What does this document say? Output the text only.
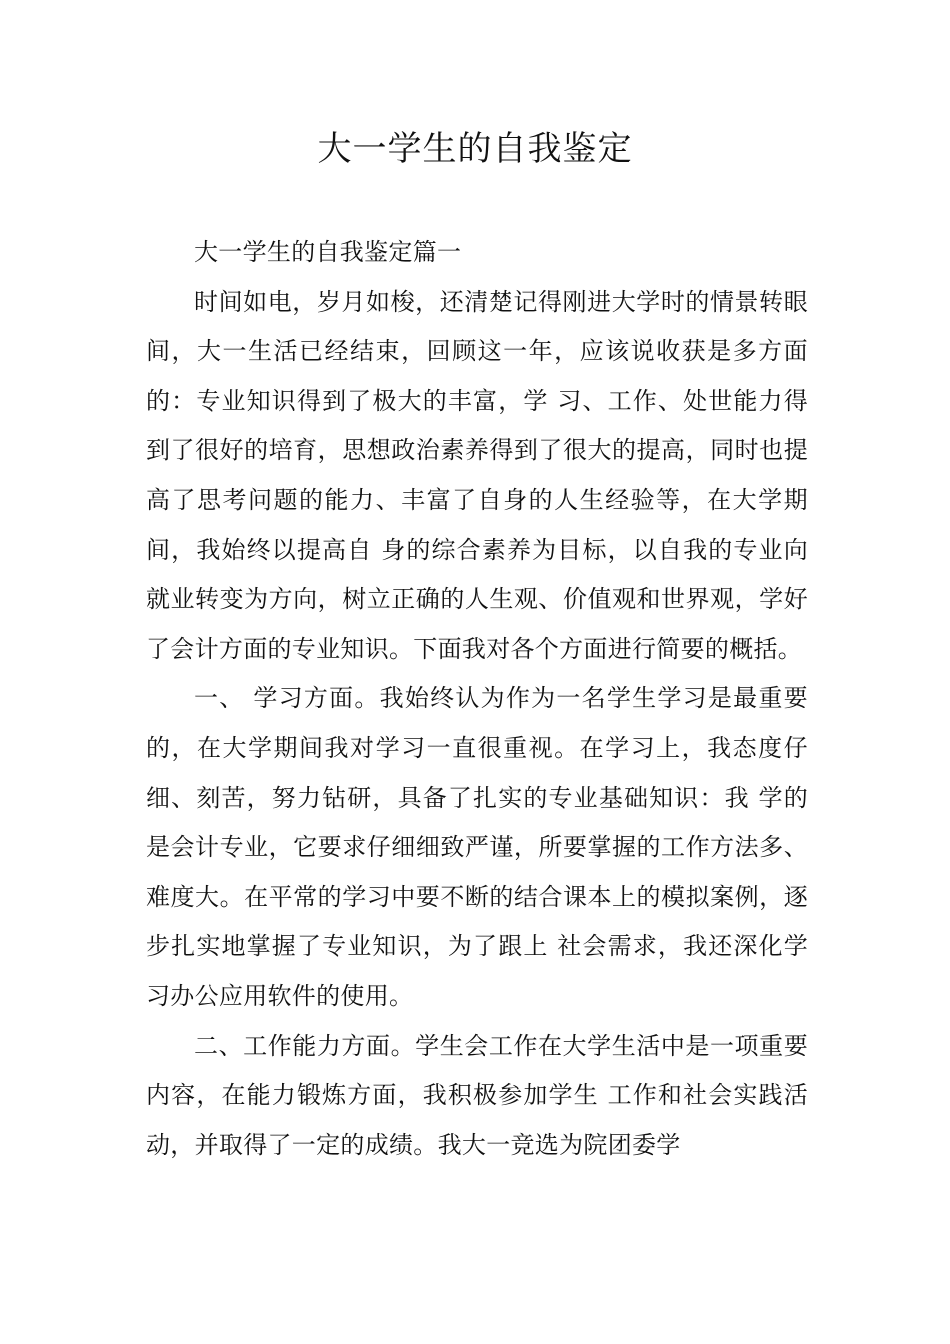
大一学生的自我鉴定

大一学生的自我鉴定篇一

时间如电，岁月如梭，还清楚记得刚进大学时的情景转眼间，大一生活已经结束，回顾这一年，应该说收获是多方面的：专业知识得到了极大的丰富，学 习、工作、处世能力得到了很好的培育，思想政治素养得到了很大的提高，同时也提高了思考问题的能力、丰富了自身的人生经验等，在大学期间，我始终以提高自 身的综合素养为目标，以自我的专业向就业转变为方向，树立正确的人生观、价值观和世界观，学好了会计方面的专业知识。下面我对各个方面进行简要的概括。

一、 学习方面。我始终认为作为一名学生学习是最重要的，在大学期间我对学习一直很重视。在学习上，我态度仔细、刻苦，努力钻研，具备了扎实的专业基础知识：我 学的是会计专业，它要求仔细细致严谨，所要掌握的工作方法多、难度大。在平常的学习中要不断的结合课本上的模拟案例，逐步扎实地掌握了专业知识，为了跟上 社会需求，我还深化学习办公应用软件的使用。

二、工作能力方面。学生会工作在大学生活中是一项重要内容，在能力锻炼方面，我积极参加学生 工作和社会实践活动，并取得了一定的成绩。我大一竞选为院团委学
